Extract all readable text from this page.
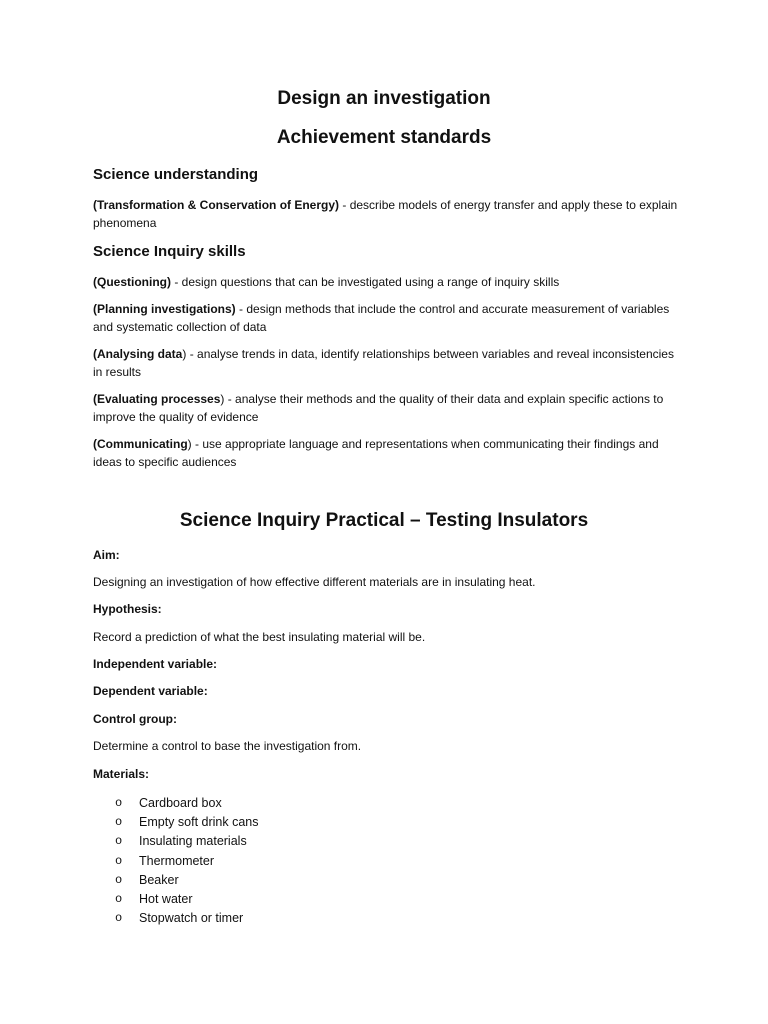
Design an investigation
Achievement standards
Science understanding

(Transformation & Conservation of Energy) - describe models of energy transfer and apply these to explain phenomena

Science Inquiry skills

(Questioning) - design questions that can be investigated using a range of inquiry skills

(Planning investigations) - design methods that include the control and accurate measurement of variables and systematic collection of data

(Analysing data) - analyse trends in data, identify relationships between variables and reveal inconsistencies in results

(Evaluating processes) - analyse their methods and the quality of their data and explain specific actions to improve the quality of evidence

(Communicating) - use appropriate language and representations when communicating their findings and ideas to specific audiences

Science Inquiry Practical – Testing Insulators

Aim:

Designing an investigation of how effective different materials are in insulating heat.

Hypothesis:

Record a prediction of what the best insulating material will be.

Independent variable:

Dependent variable:

Control group:

Determine a control to base the investigation from.

Materials:

o Cardboard box
o Empty soft drink cans
o Insulating materials
o Thermometer
o Beaker
o Hot water
o Stopwatch or timer
